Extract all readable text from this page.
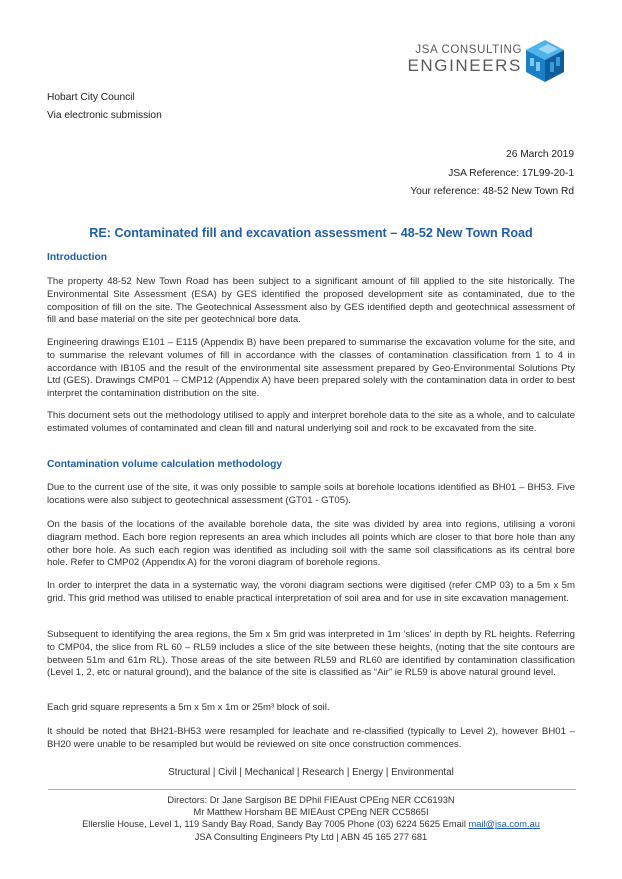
JSA CONSULTING
ENGINEERS
Hobart City Council
Via electronic submission
26 March 2019
JSA Reference: 17L99-20-1
Your reference: 48-52 New Town Rd
RE: Contaminated fill and excavation assessment – 48-52 New Town Road
Introduction

The property 48-52 New Town Road has been subject to a significant amount of fill applied to the site historically. The Environmental Site Assessment (ESA) by GES identified the proposed development site as contaminated, due to the composition of fill on the site. The Geotechnical Assessment also by GES identified depth and geotechnical assessment of fill and base material on the site per geotechnical bore data.

Engineering drawings E101 – E115 (Appendix B) have been prepared to summarise the excavation volume for the site, and to summarise the relevant volumes of fill in accordance with the classes of contamination classification from 1 to 4 in accordance with IB105 and the result of the environmental site assessment prepared by Geo-Environmental Solutions Pty Ltd (GES). Drawings CMP01 – CMP12 (Appendix A) have been prepared solely with the contamination data in order to best interpret the contamination distribution on the site.

This document sets out the methodology utilised to apply and interpret borehole data to the site as a whole, and to calculate estimated volumes of contaminated and clean fill and natural underlying soil and rock to be excavated from the site.

Contamination volume calculation methodology

Due to the current use of the site, it was only possible to sample soils at borehole locations identified as BH01 – BH53. Five locations were also subject to geotechnical assessment (GT01 - GT05).

On the basis of the locations of the available borehole data, the site was divided by area into regions, utilising a voroni diagram method. Each bore region represents an area which includes all points which are closer to that bore hole than any other bore hole. As such each region was identified as including soil with the same soil classifications as its central bore hole. Refer to CMP02 (Appendix A) for the voroni diagram of borehole regions.

In order to interpret the data in a systematic way, the voroni diagram sections were digitised (refer CMP 03) to a 5m x 5m grid. This grid method was utilised to enable practical interpretation of soil area and for use in site excavation management.

Subsequent to identifying the area regions, the 5m x 5m grid was interpreted in 1m ‘slices’ in depth by RL heights. Referring to CMP04, the slice from RL 60 – RL59 includes a slice of the site between these heights, (noting that the site contours are between 51m and 61m RL). Those areas of the site between RL59 and RL60 are identified by contamination classification (Level 1, 2, etc or natural ground), and the balance of the site is classified as “Air” ie RL59 is above natural ground level.

Each grid square represents a 5m x 5m x 1m or 25m³ block of soil.

It should be noted that BH21-BH53 were resampled for leachate and re-classified (typically to Level 2), however BH01 – BH20 were unable to be resampled but would be reviewed on site once construction commences.

Structural | Civil | Mechanical | Research | Energy | Environmental
Directors: Dr Jane Sargison BE DPhil FIEAust CPEng NER CC6193N
Mr Matthew Horsham BE MIEAust CPEng NER CC5865I
Ellerslie House, Level 1, 119 Sandy Bay Road, Sandy Bay 7005 Phone (03) 6224 5625 Email mail@jsa.com.au
JSA Consulting Engineers Pty Ltd | ABN 45 165 277 681
